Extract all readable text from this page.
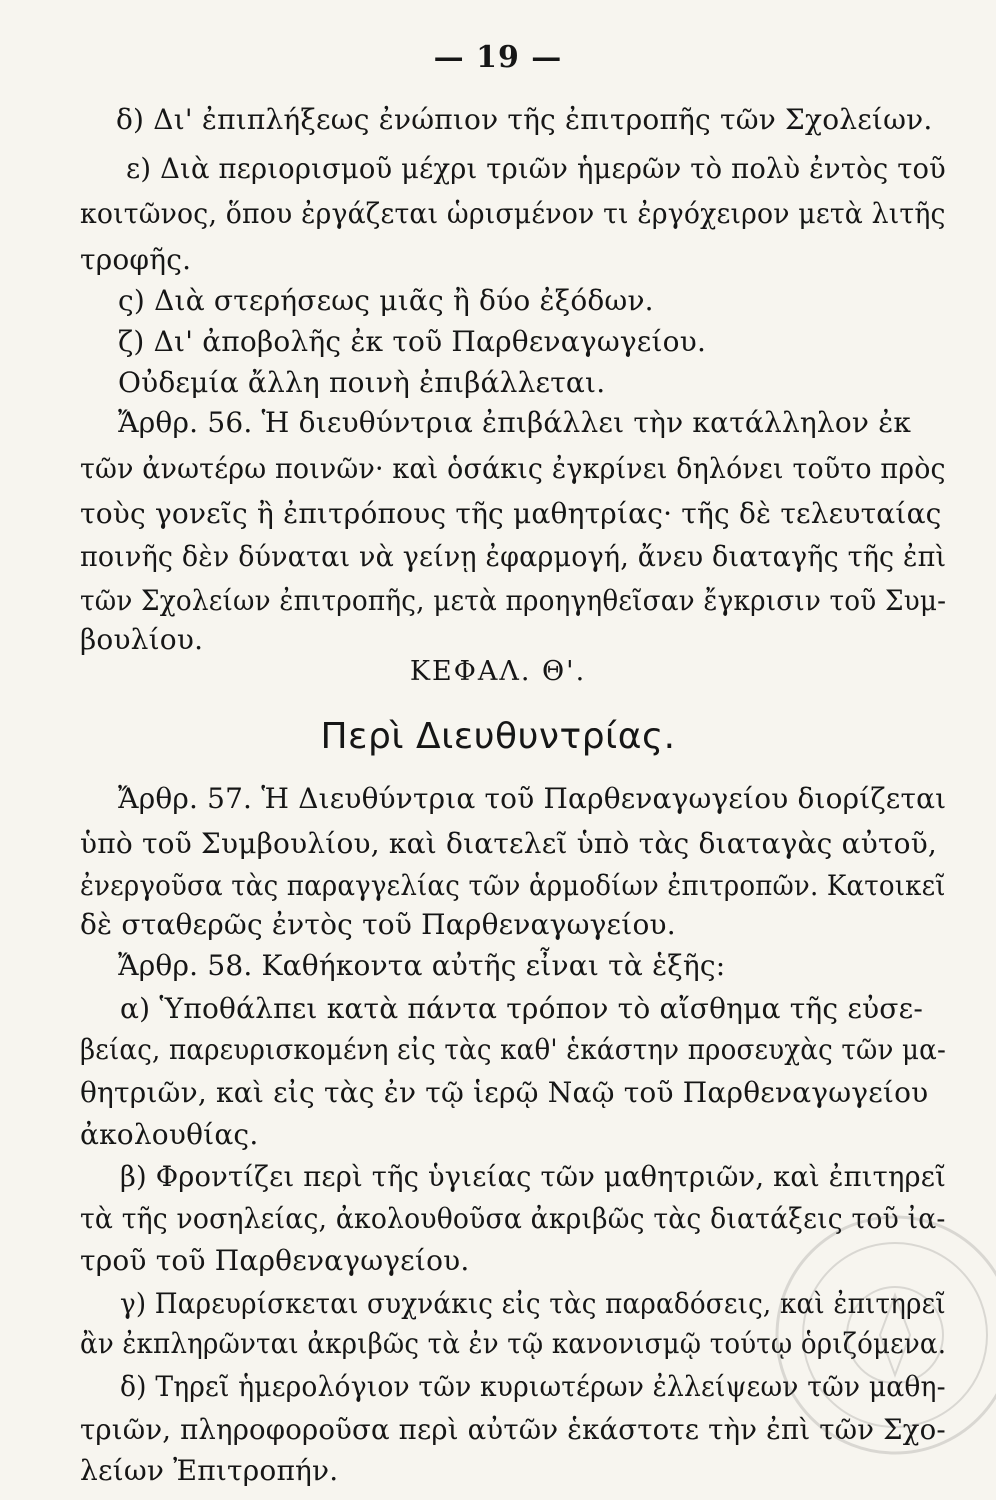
— 19 —
δ) Δι' ἐπιπλήξεως ἐνώπιον τῆς ἐπιτροπῆς τῶν Σχολείων.
ε) Διὰ περιορισμοῦ μέχρι τριῶν ἡμερῶν τὸ πολὺ ἐντὸς τοῦ
κοιτῶνος, ὅπου ἐργάζεται ὡρισμένον τι ἐργόχειρον μετὰ λιτῆς
τροφῆς.
ς) Διὰ στερήσεως μιᾶς ἢ δύο ἐξόδων.
ζ) Δι' ἀποβολῆς ἐκ τοῦ Παρθεναγωγείου.
Οὐδεμία ἄλλη ποινὴ ἐπιβάλλεται.
Ἄρθρ. 56. Ἡ διευθύντρια ἐπιβάλλει τὴν κατάλληλον ἐκ
τῶν ἀνωτέρω ποινῶν· καὶ ὁσάκις ἐγκρίνει δηλόνει τοῦτο πρὸς
τοὺς γονεῖς ἢ ἐπιτρόπους τῆς μαθητρίας· τῆς δὲ τελευταίας
ποινῆς δὲν δύναται νὰ γείνῃ ἐφαρμογή, ἄνευ διαταγῆς τῆς ἐπὶ
τῶν Σχολείων ἐπιτροπῆς, μετὰ προηγηθεῖσαν ἔγκρισιν τοῦ Συμ-
βουλίου.
ΚΕΦΑΛ. Θ'.
Περὶ Διευθυντρίας.
Ἄρθρ. 57. Ἡ Διευθύντρια τοῦ Παρθεναγωγείου διορίζεται
ὑπὸ τοῦ Συμβουλίου, καὶ διατελεῖ ὑπὸ τὰς διαταγὰς αὐτοῦ,
ἐνεργοῦσα τὰς παραγγελίας τῶν ἁρμοδίων ἐπιτροπῶν. Κατοικεῖ
δὲ σταθερῶς ἐντὸς τοῦ Παρθεναγωγείου.
Ἄρθρ. 58. Καθήκοντα αὐτῆς εἶναι τὰ ἑξῆς:
α) Ὑποθάλπει κατὰ πάντα τρόπον τὸ αἴσθημα τῆς εὐσε-
βείας, παρευρισκομένη εἰς τὰς καθ' ἑκάστην προσευχὰς τῶν μα-
θητριῶν, καὶ εἰς τὰς ἐν τῷ ἱερῷ Ναῷ τοῦ Παρθεναγωγείου
ἀκολουθίας.
β) Φροντίζει περὶ τῆς ὑγιείας τῶν μαθητριῶν, καὶ ἐπιτηρεῖ
τὰ τῆς νοσηλείας, ἀκολουθοῦσα ἀκριβῶς τὰς διατάξεις τοῦ ἰα-
τροῦ τοῦ Παρθεναγωγείου.
γ) Παρευρίσκεται συχνάκις εἰς τὰς παραδόσεις, καὶ ἐπιτηρεῖ
ἂν ἐκπληρῶνται ἀκριβῶς τὰ ἐν τῷ κανονισμῷ τούτῳ ὁριζόμενα.
δ) Τηρεῖ ἡμερολόγιον τῶν κυριωτέρων ἐλλείψεων τῶν μαθη-
τριῶν, πληροφοροῦσα περὶ αὐτῶν ἑκάστοτε τὴν ἐπὶ τῶν Σχο-
λείων Ἐπιτροπήν.
